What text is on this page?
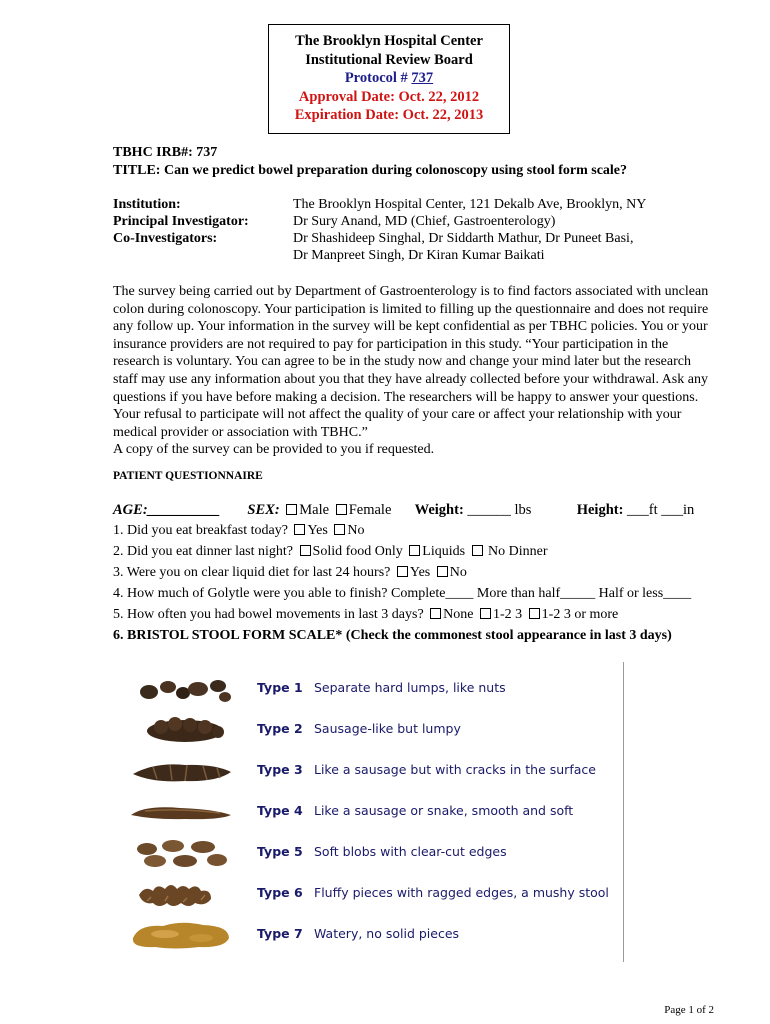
The Brooklyn Hospital Center
Institutional Review Board
Protocol # 737
Approval Date: Oct. 22, 2012
Expiration Date: Oct. 22, 2013
TBHC IRB#: 737
TITLE: Can we predict bowel preparation during colonoscopy using stool form scale?
Institution:	The Brooklyn Hospital Center, 121 Dekalb Ave, Brooklyn, NY
Principal Investigator:	Dr Sury Anand, MD (Chief, Gastroenterology)
Co-Investigators:	Dr Shashideep Singhal, Dr Siddarth Mathur, Dr Puneet Basi,
Dr Manpreet Singh, Dr Kiran Kumar Baikati

The survey being carried out by Department of Gastroenterology is to find factors associated with unclean colon during colonoscopy. Your participation is limited to filling up the questionnaire and does not require any follow up. Your information in the survey will be kept confidential as per TBHC policies. You or your insurance providers are not required to pay for participation in this study. “Your participation in the research is voluntary. You can agree to be in the study now and change your mind later but the research staff may use any information about you that they have already collected before your withdrawal. Ask any questions if you have before making a decision. The researchers will be happy to answer your questions. Your refusal to participate will not affect the quality of your care or affect your relationship with your medical provider or association with TBHC.”

A copy of the survey can be provided to you if requested.

PATIENT QUESTIONNAIRE
AGE:__________ SEX: Male Female Weight: ______ lbs	Height: ___ft ___in
1. Did you eat breakfast today? Yes No
2. Did you eat dinner last night? Solid food Only Liquids  No Dinner
3. Were you on clear liquid diet for last 24 hours? Yes No
4. How much of Golytle were you able to finish? Complete____ More than half_____ Half or less____
5. How often you had bowel movements in last 3 days? None 1-2 3 1-2 3 or more
6. BRISTOL STOOL FORM SCALE* (Check the commonest stool appearance in last 3 days)
Type 1 Separate hard lumps, like nuts
Type 2 Sausage-like but lumpy
Type 3 Like a sausage but with cracks in the surface
Type 4 Like a sausage or snake, smooth and soft
Type 5 Soft blobs with clear-cut edges
Type 6 Fluffy pieces with ragged edges, a mushy stool
Type 7 Watery, no solid pieces
Page 1 of 2
